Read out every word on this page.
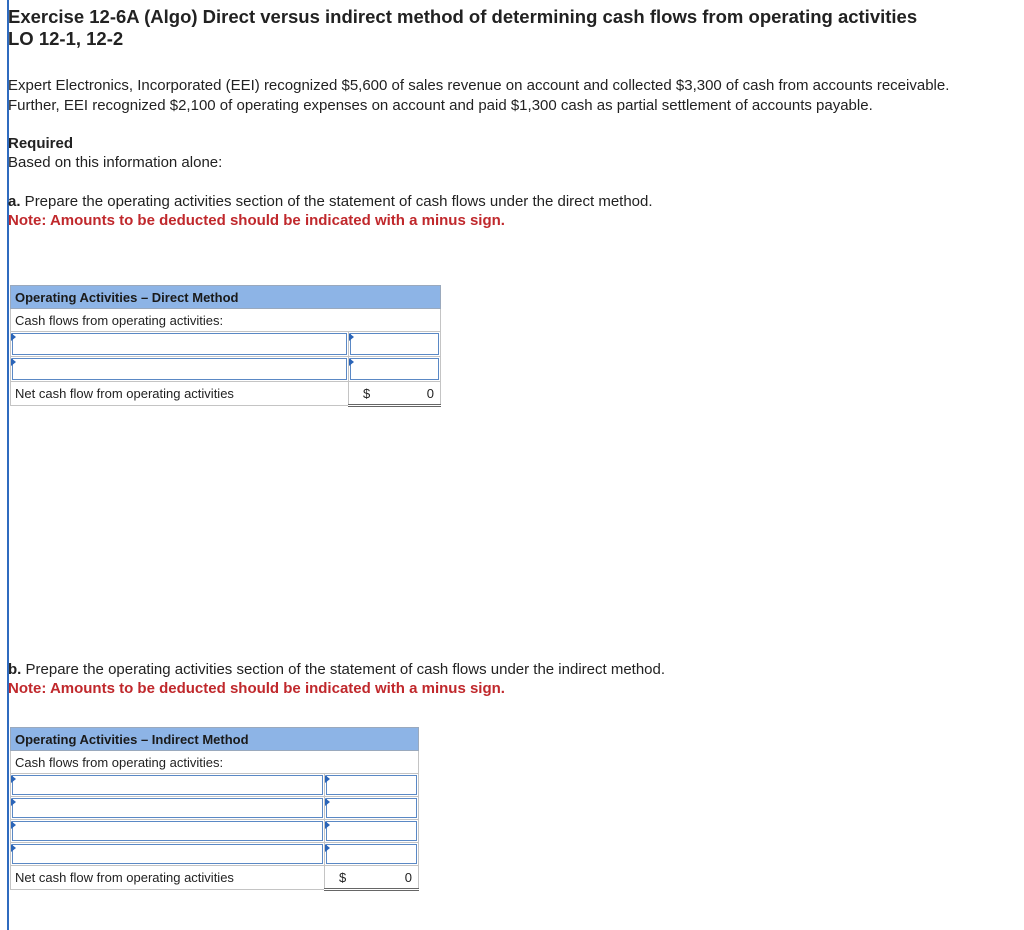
Exercise 12-6A (Algo) Direct versus indirect method of determining cash flows from operating activities
LO 12-1, 12-2
Expert Electronics, Incorporated (EEI) recognized $5,600 of sales revenue on account and collected $3,300 of cash from accounts receivable. Further, EEI recognized $2,100 of operating expenses on account and paid $1,300 cash as partial settlement of accounts payable.
Required
Based on this information alone:
a. Prepare the operating activities section of the statement of cash flows under the direct method.
Note: Amounts to be deducted should be indicated with a minus sign.
Operating Activities – Direct Method	
Cash flows from operating activities:	

Net cash flow from operating activities	$ 0
b. Prepare the operating activities section of the statement of cash flows under the indirect method.
Note: Amounts to be deducted should be indicated with a minus sign.
Operating Activities – Indirect Method	
Cash flows from operating activities:	

Net cash flow from operating activities	$ 0
